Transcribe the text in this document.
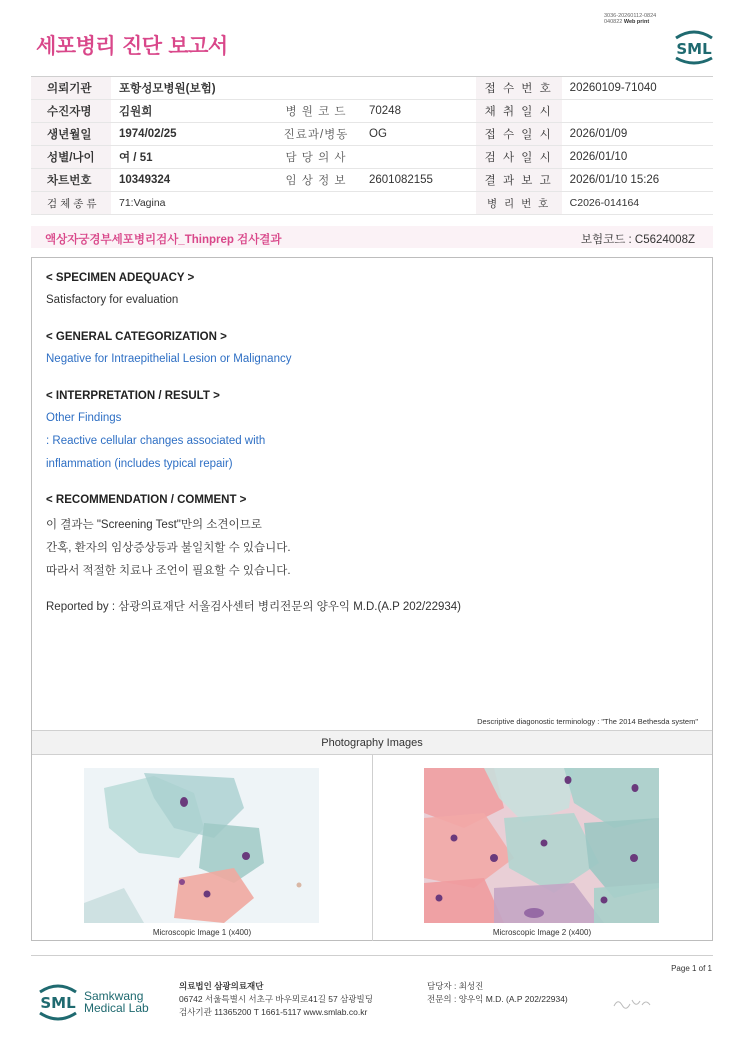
3036-20260112-0824
040822 Web print
세포병리 진단 보고서	SML
의뢰기관	포항성모병원(보험)			접 수 번 호	20260109-71040
수진자명	김원희	병 원 코 드	70248	채 취 일 시	
생년월일	1974/02/25	진료과/병동	OG	접 수 일 시	2026/01/09
성별/나이	여 / 51	담 당 의 사		검 사 일 시	2026/01/10
차트번호	10349324	임 상 정 보	2601082155	결 과 보 고	2026/01/10 15:26
검체종류	71:Vagina			병 리 번 호	C2026-014164
액상자궁경부세포병리검사_Thinprep 검사결과	보험코드 : C5624008Z
< SPECIMEN ADEQUACY >
Satisfactory for evaluation
< GENERAL CATEGORIZATION >
Negative for Intraepithelial Lesion or Malignancy
< INTERPRETATION / RESULT >
Other Findings
: Reactive cellular changes associated with
inflammation (includes typical repair)
< RECOMMENDATION / COMMENT >
이 결과는 "Screening Test"만의 소견이므로
간혹, 환자의 임상증상등과 불일치할 수 있습니다.
따라서 적절한 치료나 조언이 필요할 수 있습니다.
Reported by : 삼광의료재단 서울검사센터 병리전문의 양우익 M.D.(A.P 202/22934)
Descriptive diagonostic terminology : "The 2014 Bethesda system"
Photography Images
Microscopic Image 1 (x400)	Microscopic Image 2 (x400)
Page 1 of 1
SML Samkwang
Medical Lab
의료법인 삼광의료재단
06742 서울특별시 서초구 바우뫼로41길 57 삼광빌딩
검사기관 11365200 T 1661-5117 www.smlab.co.kr
담당자 : 최성진
전문의 : 양우익 M.D. (A.P 202/22934)
